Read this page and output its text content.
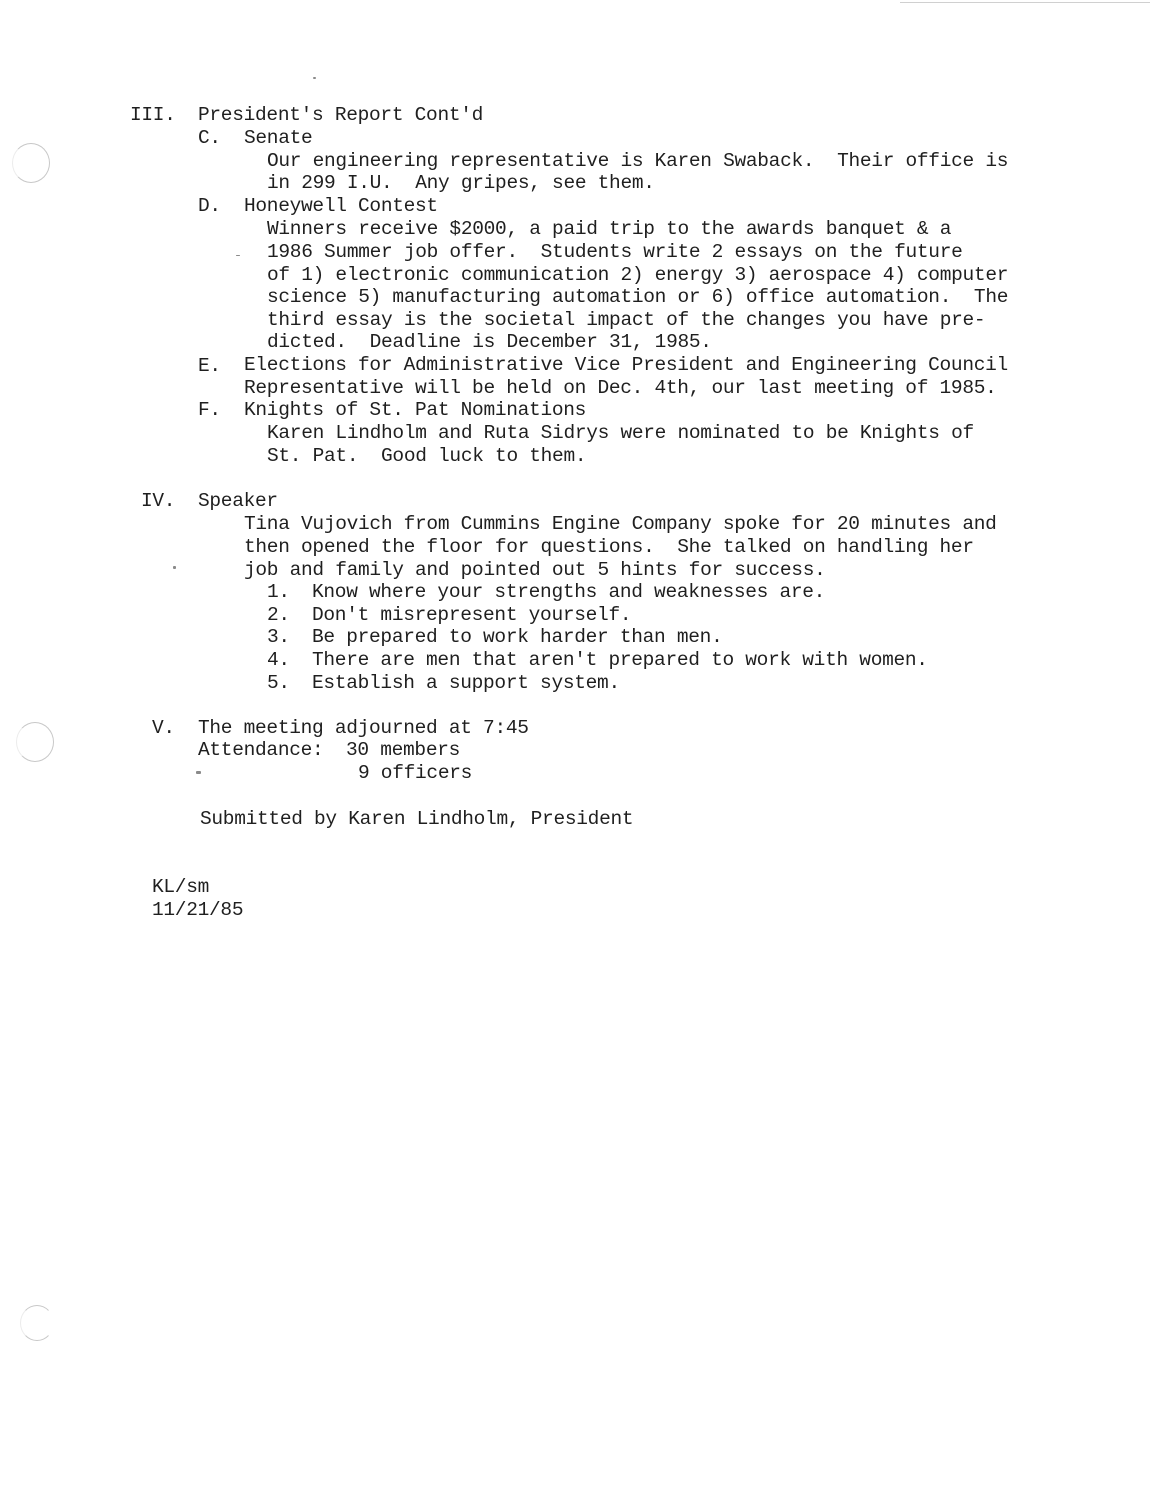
III. President's Report Cont'd
C. Senate
Our engineering representative is Karen Swaback.  Their office is
in 299 I.U.  Any gripes, see them.
D. Honeywell Contest
Winners receive $2000, a paid trip to the awards banquet & a
1986 Summer job offer.  Students write 2 essays on the future
of 1) electronic communication 2) energy 3) aerospace 4) computer
science 5) manufacturing automation or 6) office automation.  The
third essay is the societal impact of the changes you have pre-
dicted.  Deadline is December 31, 1985.
E. Elections for Administrative Vice President and Engineering Council
Representative will be held on Dec. 4th, our last meeting of 1985.
F. Knights of St. Pat Nominations
Karen Lindholm and Ruta Sidrys were nominated to be Knights of
St. Pat.  Good luck to them.
IV. Speaker
Tina Vujovich from Cummins Engine Company spoke for 20 minutes and
then opened the floor for questions.  She talked on handling her
job and family and pointed out 5 hints for success.
1. Know where your strengths and weaknesses are.
2. Don't misrepresent yourself.
3. Be prepared to work harder than men.
4. There are men that aren't prepared to work with women.
5. Establish a support system.
V. The meeting adjourned at 7:45
Attendance: 30 members
9 officers
Submitted by Karen Lindholm, President
KL/sm
11/21/85
